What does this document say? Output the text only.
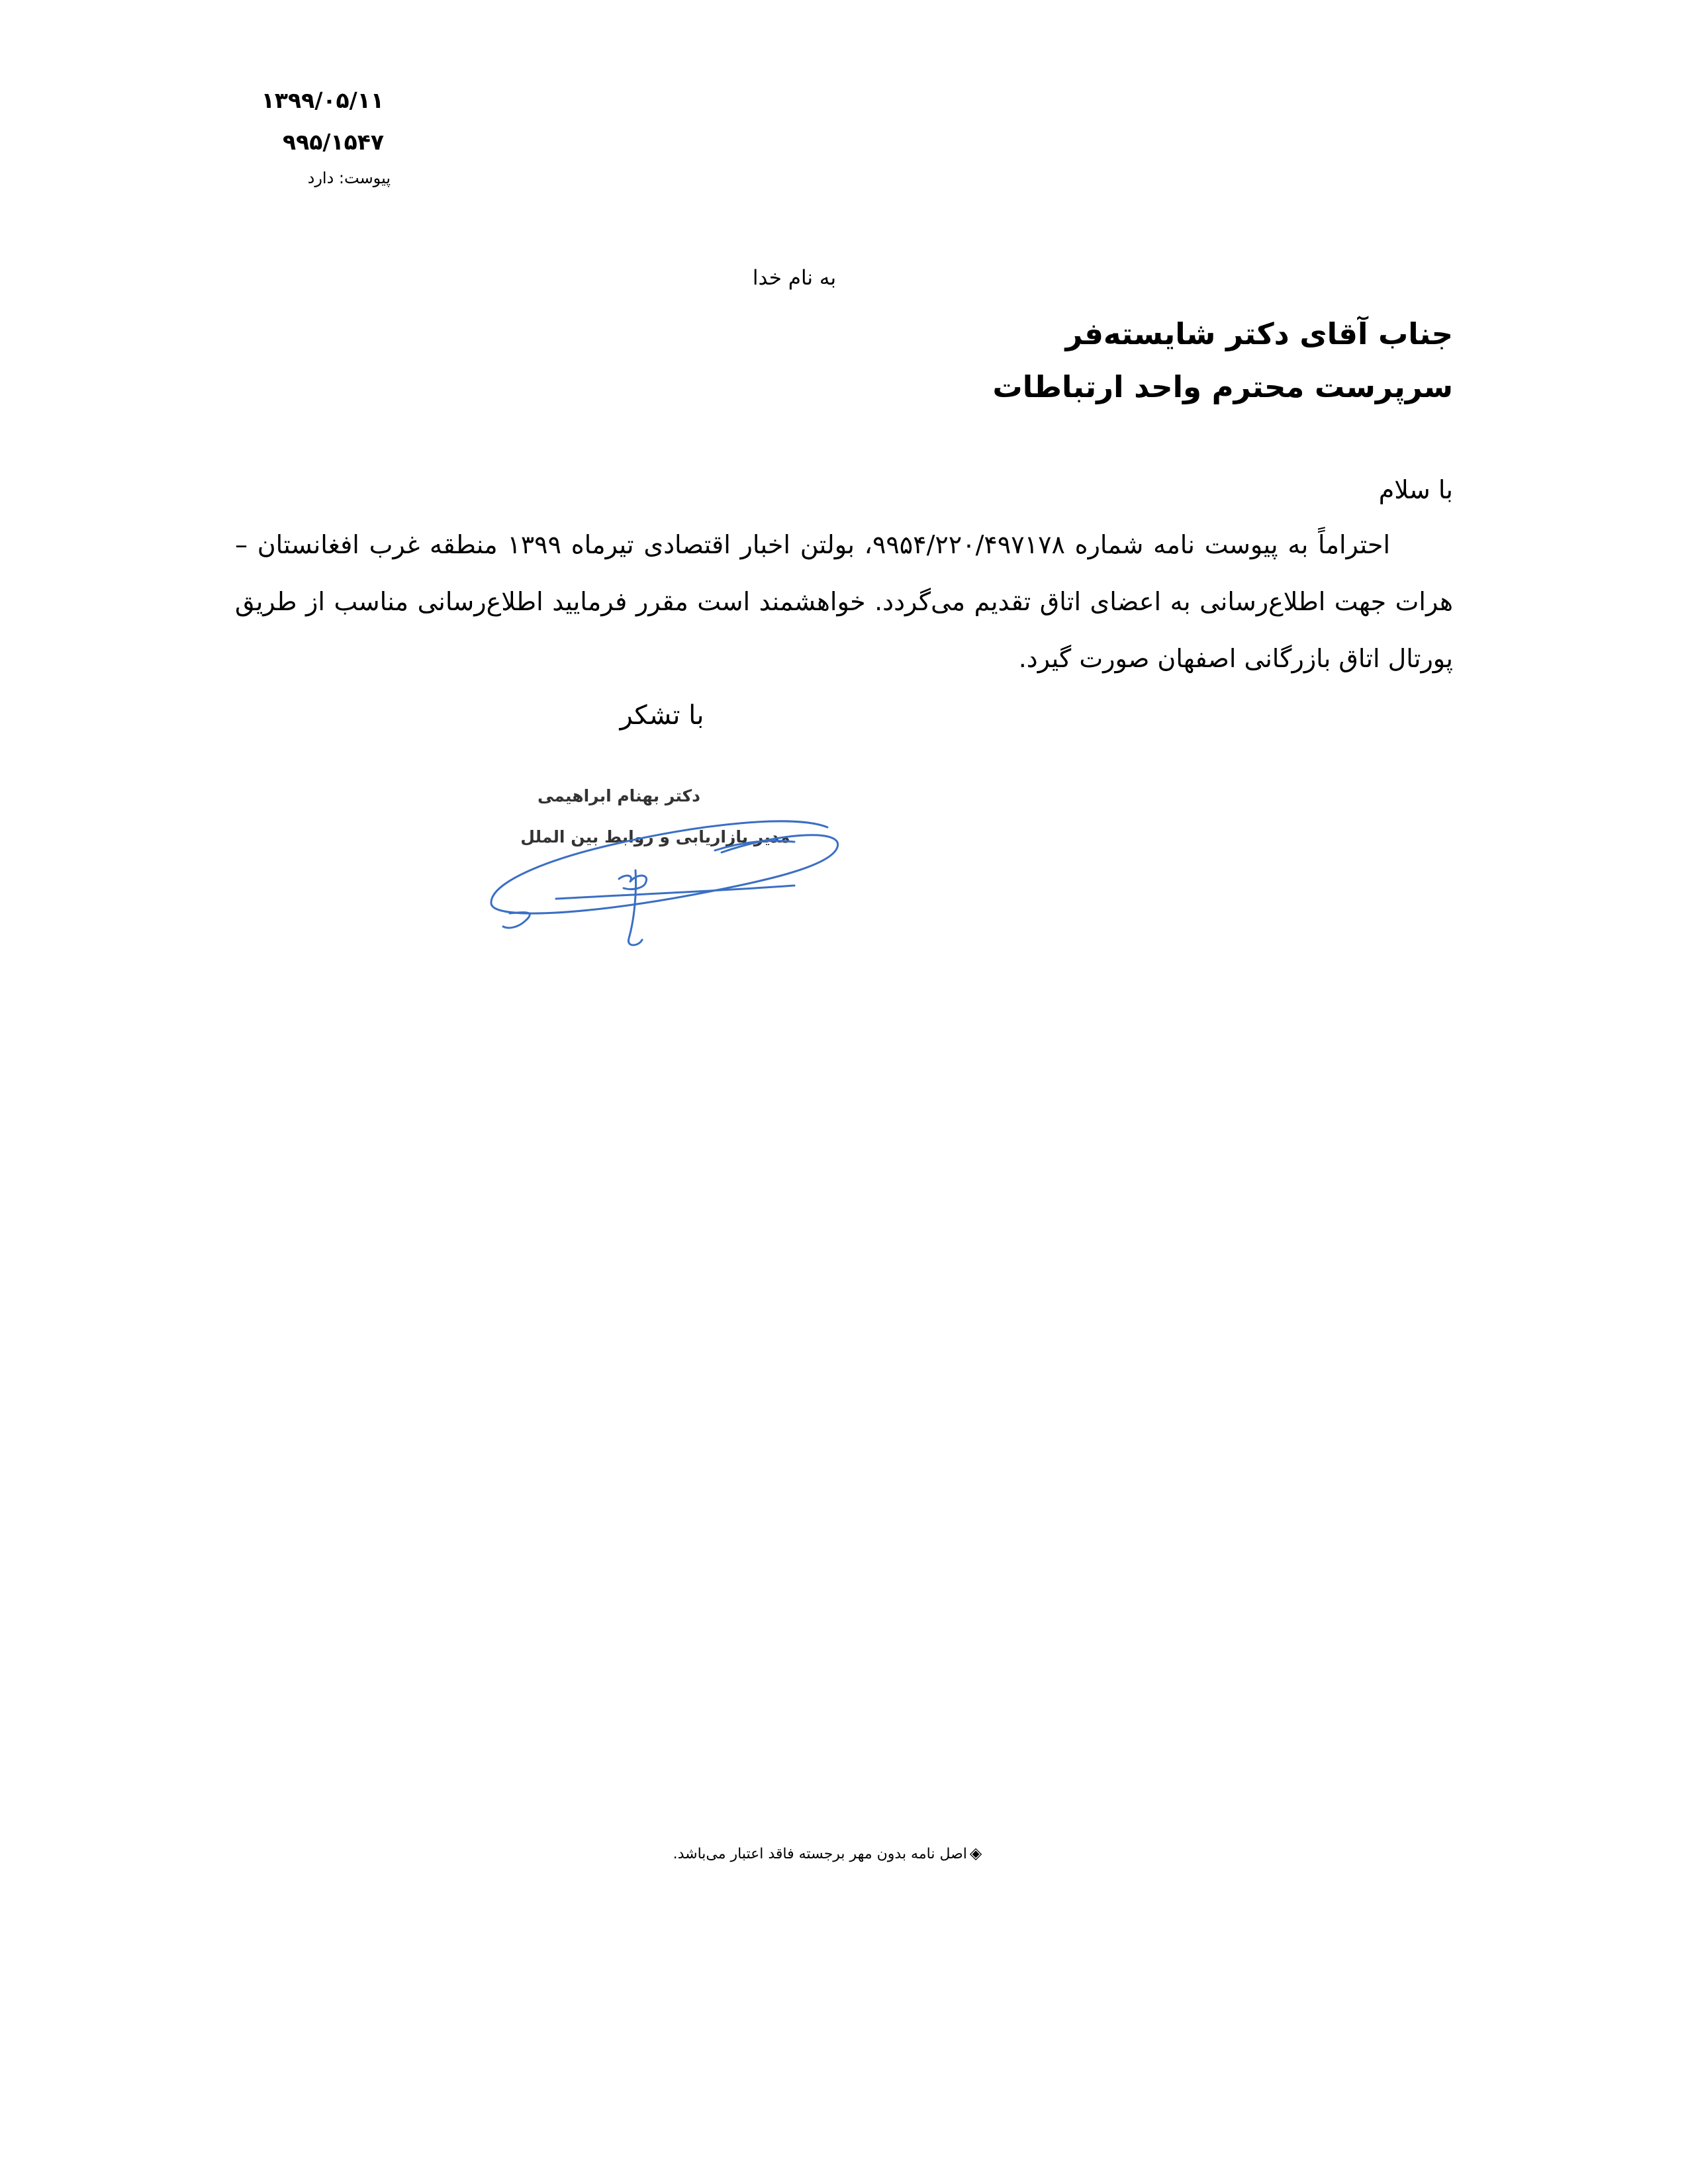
۱۳۹۹/۰۵/۱۱
۹۹۵/۱۵۴۷
پیوست: دارد
به نام خدا
جناب آقای دکتر شایسته‌فر
سرپرست محترم واحد ارتباطات
با سلام
احتراماً به پیوست نامه شماره ۹۹۵۴/۲۲۰/۴۹۷۱۷۸، بولتن اخبار اقتصادی تیرماه ۱۳۹۹ منطقه غرب افغانستان – هرات جهت اطلاع‌رسانی به اعضای اتاق تقدیم می‌گردد. خواهشمند است مقرر فرمایید اطلاع‌رسانی مناسب از طریق پورتال اتاق بازرگانی اصفهان صورت گیرد.
با تشکر
دکتر بهنام ابراهیمی
مدیر بازاریابی و روابط بین الملل
◈اصل نامه بدون مهر برجسته فاقد اعتبار می‌باشد.
